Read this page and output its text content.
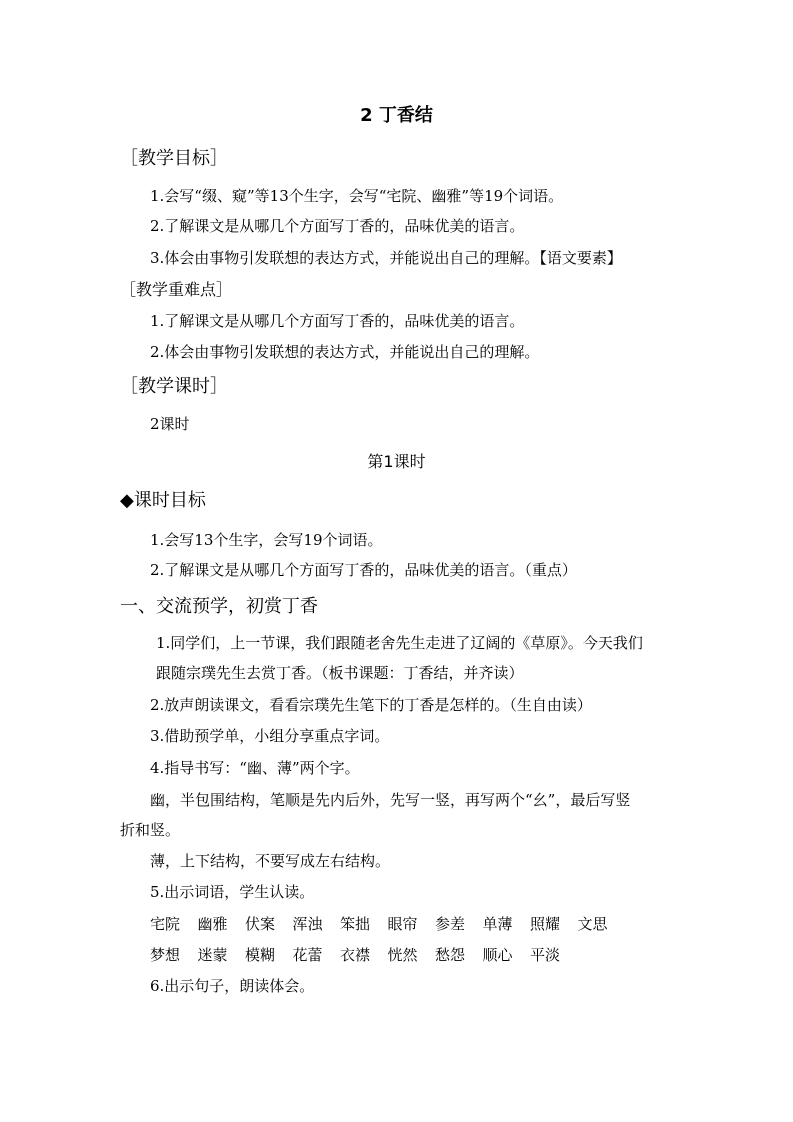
2 丁香结
［教学目标］
1.会写“缀、窥”等13个生字，会写“宅院、幽雅”等19个词语。
2.了解课文是从哪几个方面写丁香的，品味优美的语言。
3.体会由事物引发联想的表达方式，并能说出自己的理解。【语文要素】
［教学重难点］
1.了解课文是从哪几个方面写丁香的，品味优美的语言。
2.体会由事物引发联想的表达方式，并能说出自己的理解。
［教学课时］
2课时
第1课时
◆课时目标
1.会写13个生字，会写19个词语。
2.了解课文是从哪几个方面写丁香的，品味优美的语言。（重点）
一、交流预学，初赏丁香
1.同学们，上一节课，我们跟随老舍先生走进了辽阔的《草原》。今天我们
跟随宗璞先生去赏丁香。（板书课题：丁香结，并齐读）
2.放声朗读课文，看看宗璞先生笔下的丁香是怎样的。（生自由读）
3.借助预学单，小组分享重点字词。
4.指导书写：“幽、薄”两个字。
幽，半包围结构，笔顺是先内后外，先写一竖，再写两个“幺”，最后写竖
折和竖。
薄，上下结构，不要写成左右结构。
5.出示词语，学生认读。
宅院	幽雅	伏案	浑浊	笨拙	眼帘	参差	单薄	照耀	文思
梦想	迷蒙	模糊	花蕾	衣襟	恍然	愁怨	顺心	平淡
6.出示句子，朗读体会。
